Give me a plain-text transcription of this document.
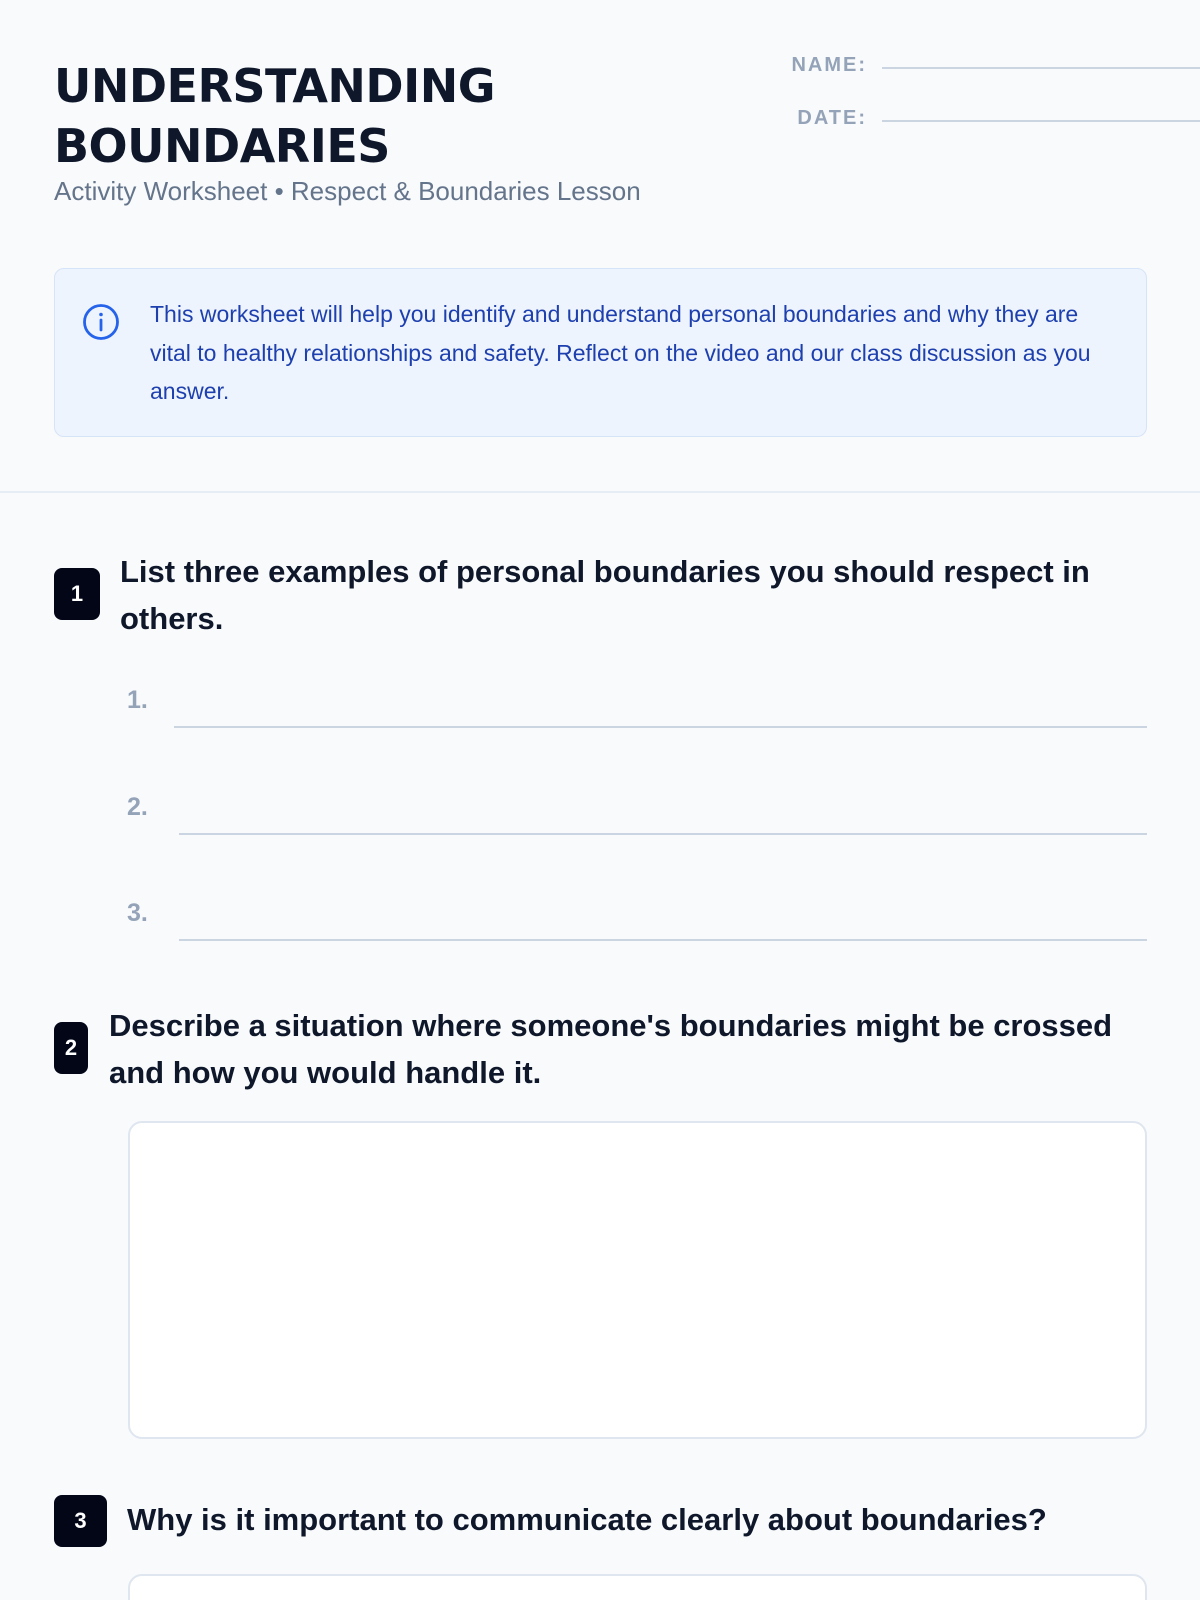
UNDERSTANDING BOUNDARIES
Activity Worksheet • Respect & Boundaries Lesson
NAME:
DATE:

This worksheet will help you identify and understand personal boundaries and why they are vital to healthy relationships and safety. Reflect on the video and our class discussion as you answer.

1
List three examples of personal boundaries you should respect in others.
1.
2.
3.
2
Describe a situation where someone's boundaries might be crossed and how you would handle it.
3	Why is it important to communicate clearly about boundaries?
